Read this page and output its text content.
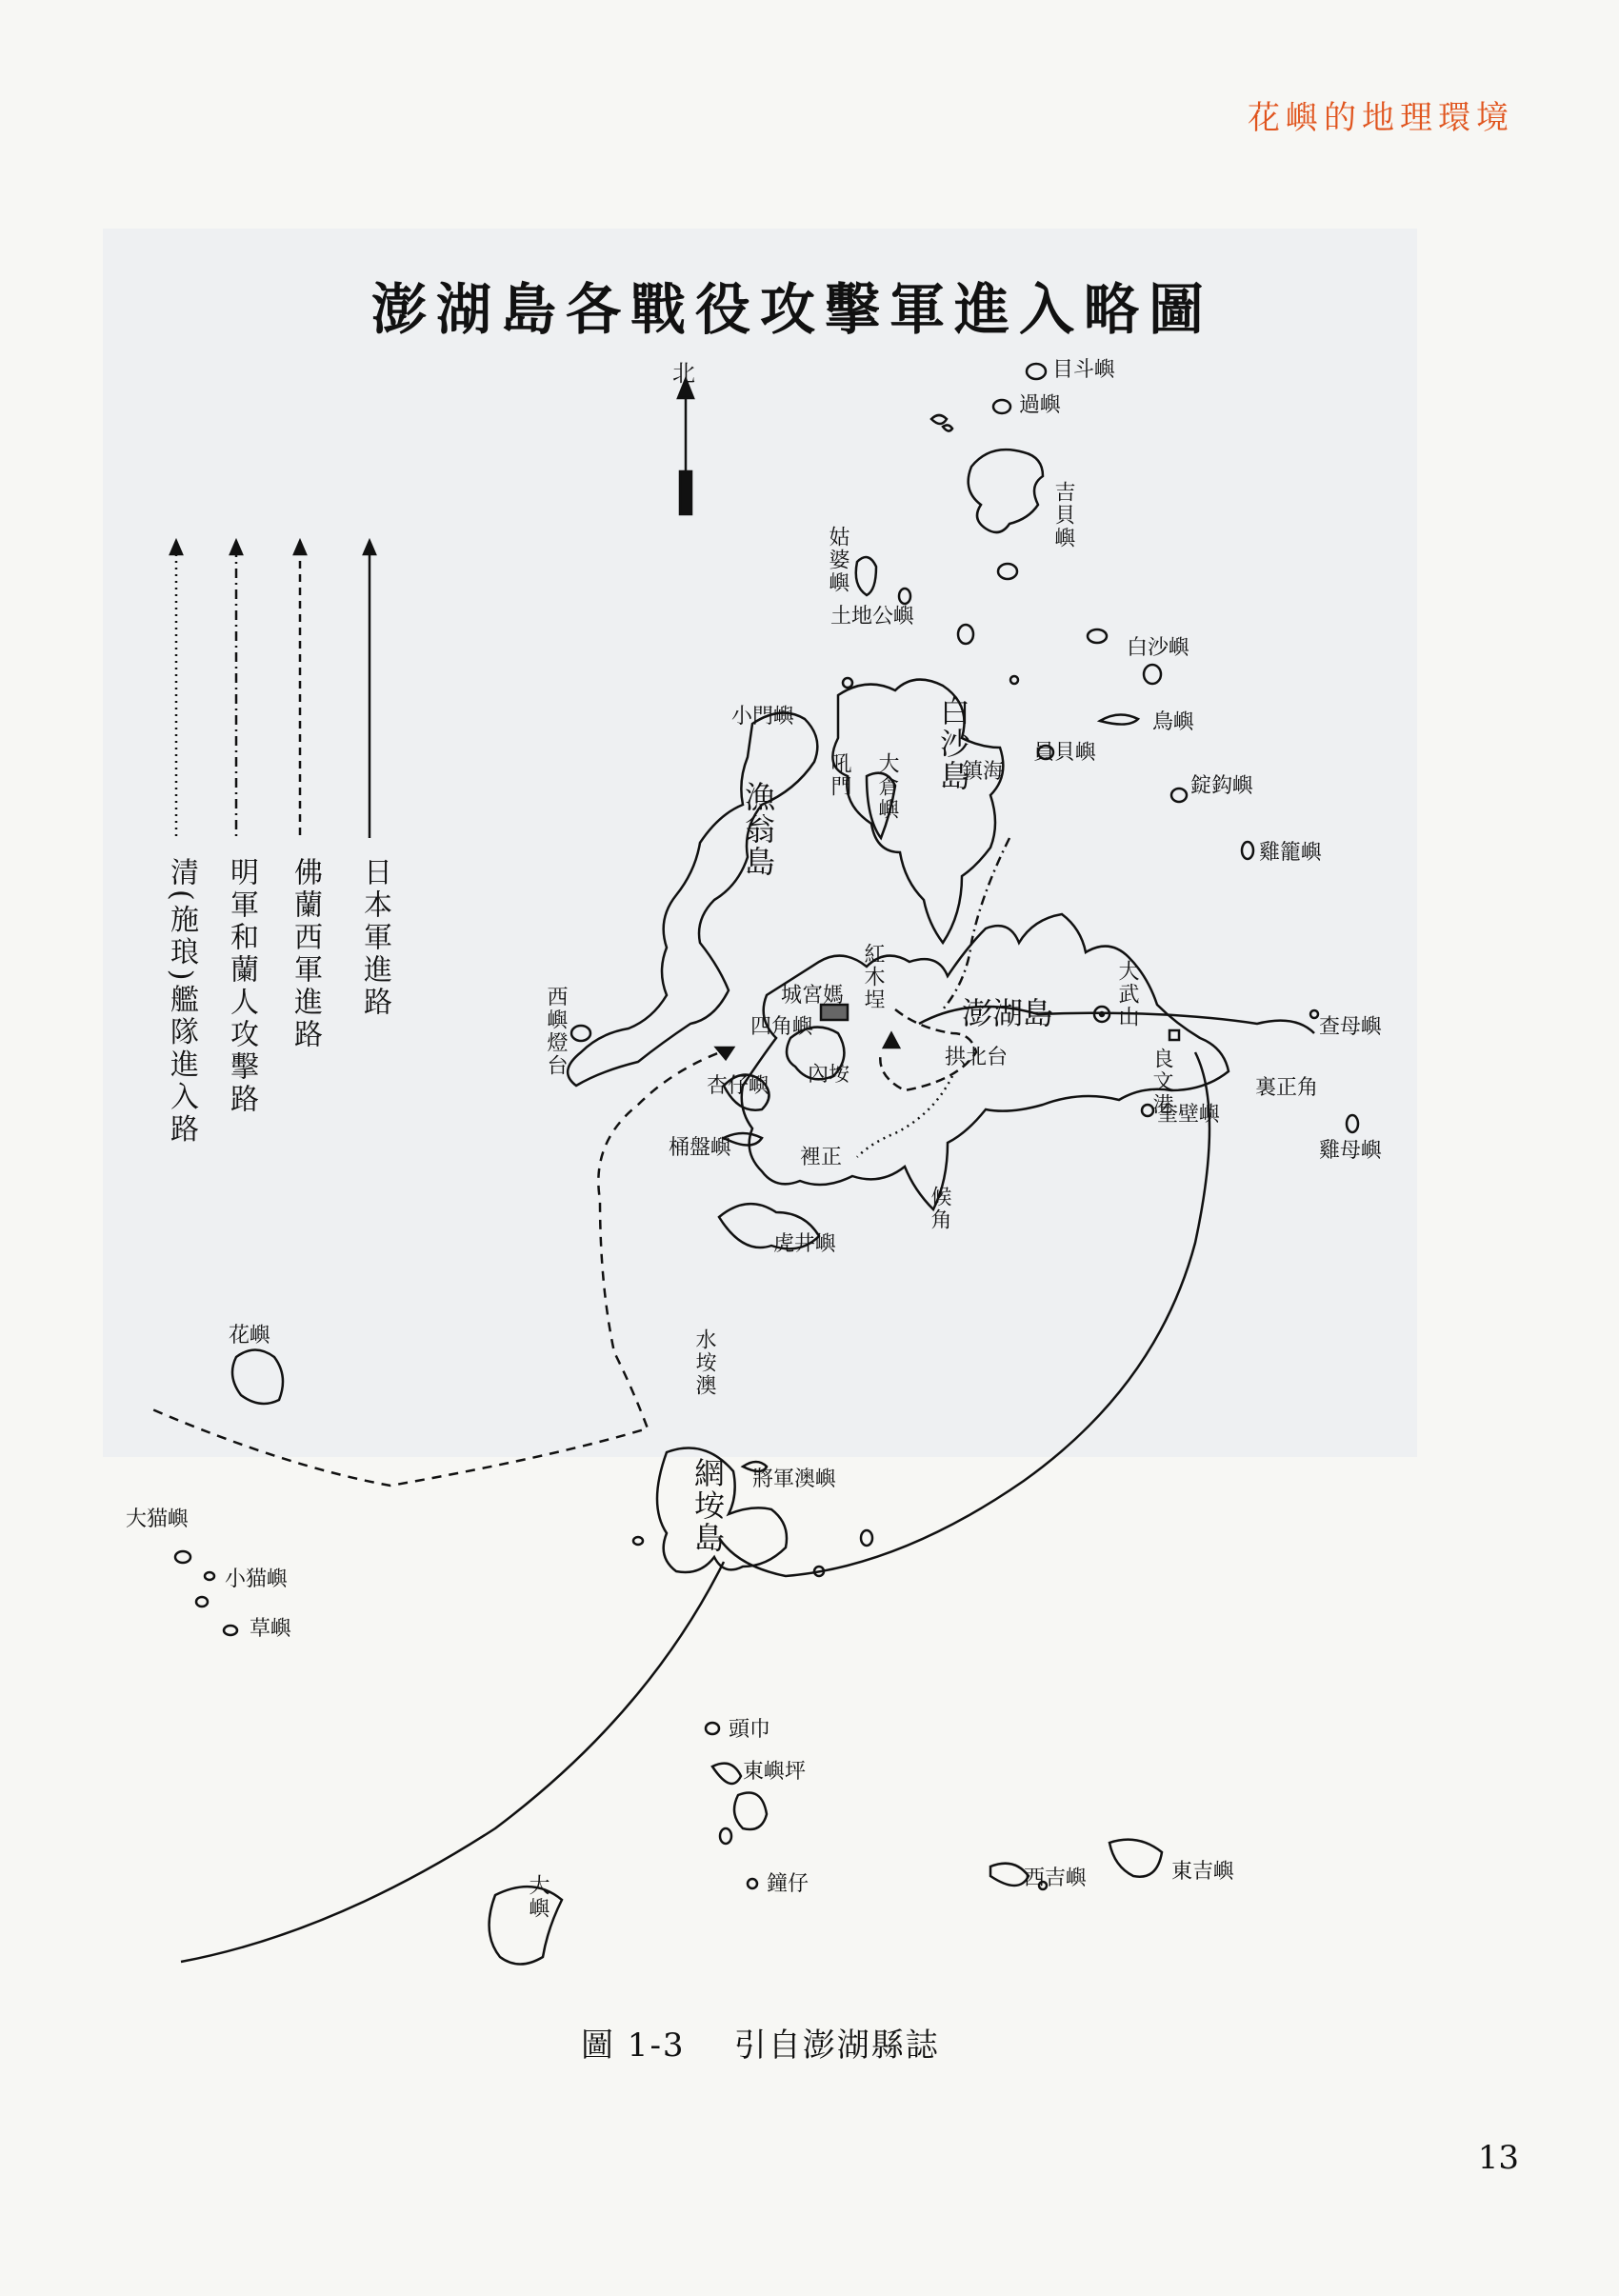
花嶼的地理環境
澎湖島各戰役攻擊軍進入略圖
北
日本軍進路
佛蘭西軍進路
明軍和蘭人攻擊路
清(施琅)艦隊進入路
目斗嶼
過嶼
吉貝嶼
姑婆嶼
土地公嶼
白沙嶼
鳥嶼
員貝嶼
錠鈎嶼
雞籠嶼
小門嶼
吼門 大倉嶼 白沙島
鎮海
漁翁島
西嶼燈台
紅木埕
城宮媽
四角嶼	澎湖島	大武山
拱北台	良文港
奎壁嶼
裏正角
查母嶼
雞母嶼
內垵
杏仔嶼
桶盤嶼
虎井嶼
裡正
候角
花嶼	水垵澳
網垵島 將軍澳嶼
大猫嶼
小猫嶼
草嶼
頭巾
東嶼坪
鐘仔	西吉嶼	東吉嶼
大嶼
圖 1-3 引自澎湖縣誌
13
